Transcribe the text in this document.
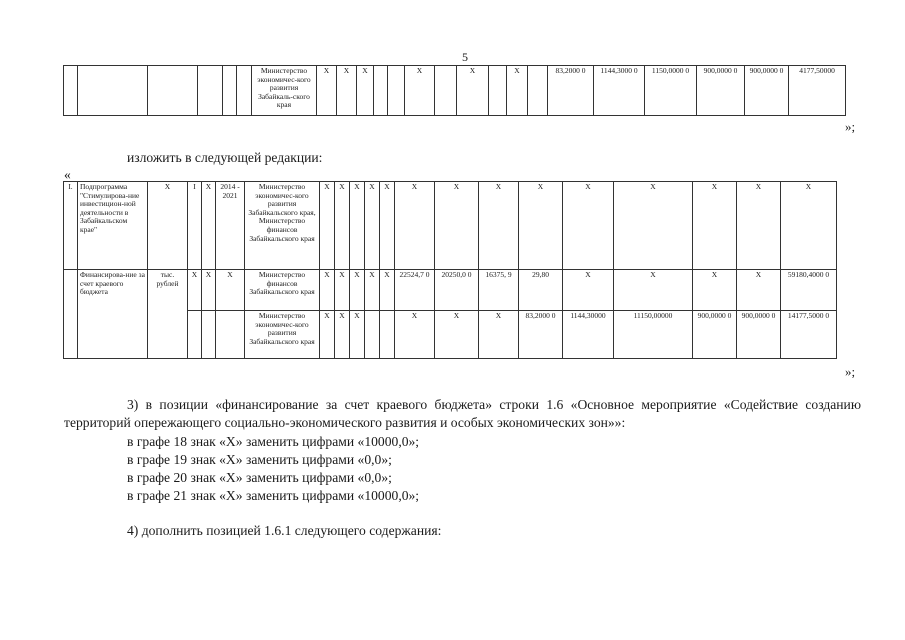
5
						Министерство экономичес-кого развития Забайкаль-ского края	Х	Х	Х			Х		Х		Х		83,2000 0	1144,3000 0	1150,0000 0	900,0000 0	900,0000 0	4177,50000
»;
изложить в следующей редакции:
«
I.	Подпрограмма "Стимулирова-ние инвестицион-ной деятельности в Забайкальском крае"	Х	I	Х	2014 - 2021	Министерство экономичес-кого развития Забайкальского края, Министерство финансов Забайкальского края	Х	Х	Х	Х	Х	Х	Х	Х	Х	Х	Х	Х	Х	Х
	Финансирова-ние за счет краевого бюджета	тыс. рублей	Х	Х	Х	Министерство финансов Забайкальского края	Х	Х	Х	Х	Х	22524,7 0	20250,0 0	16375, 9	29,80	Х	Х	Х	Х	59180,4000 0
						Министерство экономичес-кого развития Забайкальского края	Х	Х	Х			Х	Х	Х	83,2000 0	1144,30000	11150,00000	900,0000 0	900,0000 0	14177,5000 0
»;
3) в позиции «финансирование за счет краевого бюджета» строки 1.6 «Основное мероприятие «Содействие созданию территорий опережающего социально-экономического развития и особых экономических зон»»:
в графе 18 знак «Х» заменить цифрами «10000,0»;
в графе 19 знак «Х» заменить цифрами «0,0»;
в графе 20 знак «Х» заменить цифрами «0,0»;
в графе 21 знак «Х» заменить цифрами «10000,0»;
4) дополнить позицией 1.6.1 следующего содержания:
